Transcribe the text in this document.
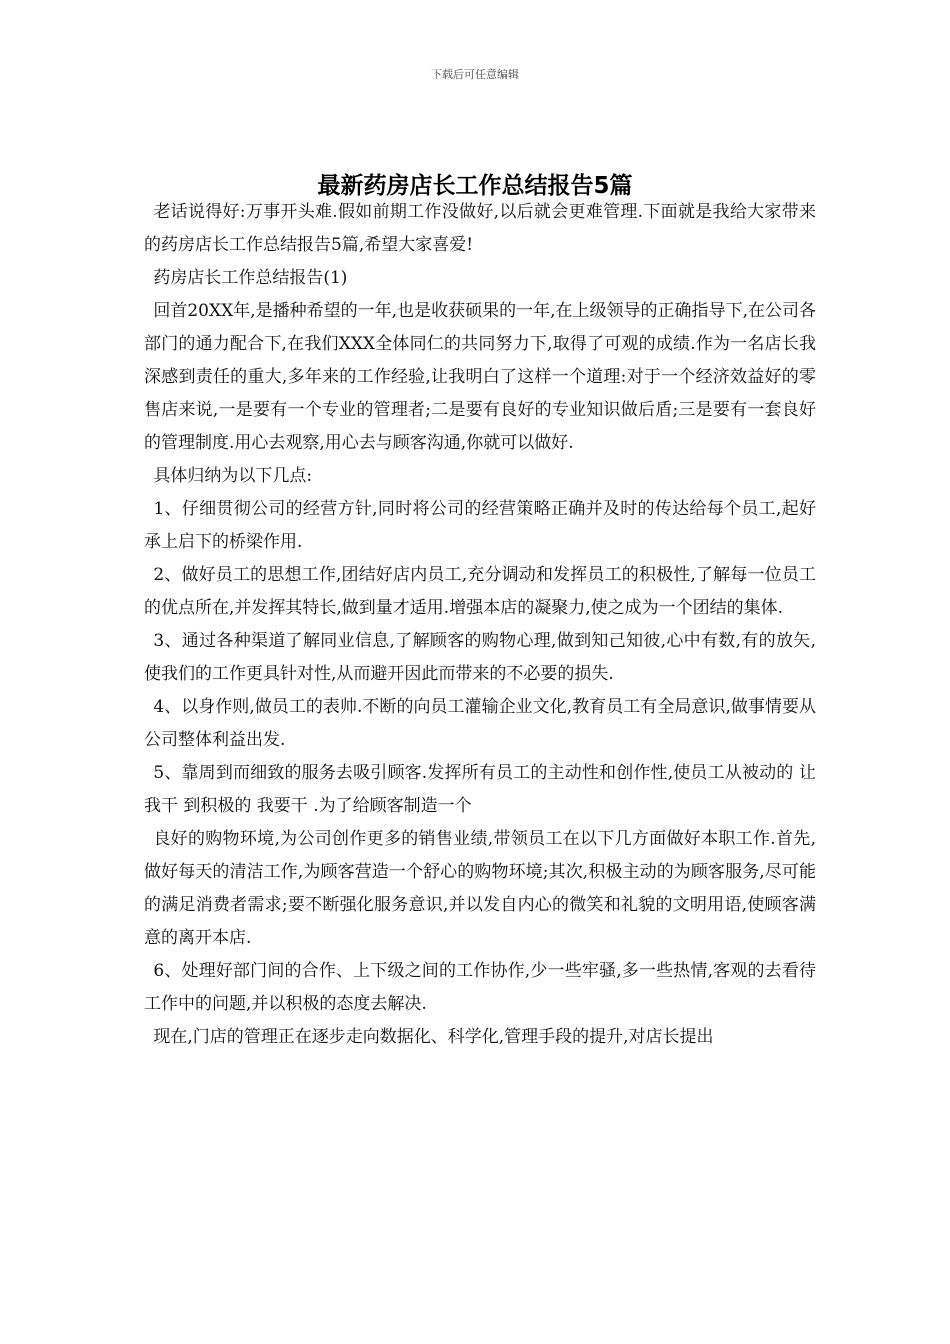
下载后可任意编辑
最新药房店长工作总结报告5篇

老话说得好:万事开头难.假如前期工作没做好,以后就会更难管理.下面就是我给大家带来的药房店长工作总结报告5篇,希望大家喜爱!

药房店长工作总结报告(1)

回首20XX年,是播种希望的一年,也是收获硕果的一年,在上级领导的正确指导下,在公司各部门的通力配合下,在我们XXX全体同仁的共同努力下,取得了可观的成绩.作为一名店长我深感到责任的重大,多年来的工作经验,让我明白了这样一个道理:对于一个经济效益好的零售店来说,一是要有一个专业的管理者;二是要有良好的专业知识做后盾;三是要有一套良好的管理制度.用心去观察,用心去与顾客沟通,你就可以做好.

具体归纳为以下几点:

1、仔细贯彻公司的经营方针,同时将公司的经营策略正确并及时的传达给每个员工,起好承上启下的桥梁作用.

2、做好员工的思想工作,团结好店内员工,充分调动和发挥员工的积极性,了解每一位员工的优点所在,并发挥其特长,做到量才适用.增强本店的凝聚力,使之成为一个团结的集体.

3、通过各种渠道了解同业信息,了解顾客的购物心理,做到知己知彼,心中有数,有的放矢,使我们的工作更具针对性,从而避开因此而带来的不必要的损失.

4、以身作则,做员工的表帅.不断的向员工灌输企业文化,教育员工有全局意识,做事情要从公司整体利益出发.

5、靠周到而细致的服务去吸引顾客.发挥所有员工的主动性和创作性,使员工从被动的 让我干 到积极的 我要干 .为了给顾客制造一个

良好的购物环境,为公司创作更多的销售业绩,带领员工在以下几方面做好本职工作.首先,做好每天的清洁工作,为顾客营造一个舒心的购物环境;其次,积极主动的为顾客服务,尽可能的满足消费者需求;要不断强化服务意识,并以发自内心的微笑和礼貌的文明用语,使顾客满意的离开本店.

6、处理好部门间的合作、上下级之间的工作协作,少一些牢骚,多一些热情,客观的去看待工作中的问题,并以积极的态度去解决.

现在,门店的管理正在逐步走向数据化、科学化,管理手段的提升,对店长提出
